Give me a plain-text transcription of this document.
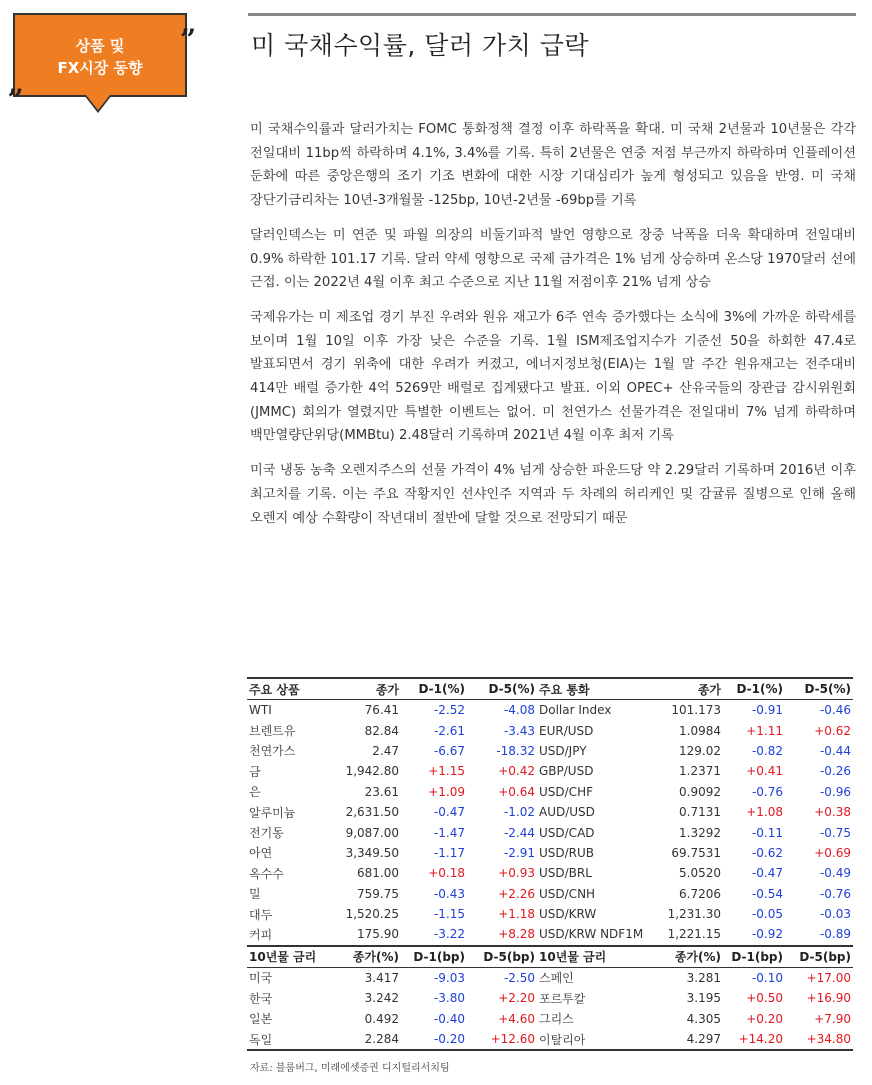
상품 및
FX시장 동향
”
„
미 국채수익률, 달러 가치 급락

미 국채수익률과 달러가치는 FOMC 통화정책 결정 이후 하락폭을 확대. 미 국채 2년물과 10년물은 각각 전일대비 11bp씩 하락하며 4.1%, 3.4%를 기록. 특히 2년물은 연중 저점 부근까지 하락하며 인플레이션 둔화에 따른 중앙은행의 조기 기조 변화에 대한 시장 기대심리가 높게 형성되고 있음을 반영. 미 국채 장단기금리차는 10년-3개월물 -125bp, 10년-2년물 -69bp를 기록

달러인덱스는 미 연준 및 파월 의장의 비둘기파적 발언 영향으로 장중 낙폭을 더욱 확대하며 전일대비 0.9% 하락한 101.17 기록. 달러 약세 영향으로 국제 금가격은 1% 넘게 상승하며 온스당 1970달러 선에 근접. 이는 2022년 4월 이후 최고 수준으로 지난 11월 저점이후 21% 넘게 상승

국제유가는 미 제조업 경기 부진 우려와 원유 재고가 6주 연속 증가했다는 소식에 3%에 가까운 하락세를 보이며 1월 10일 이후 가장 낮은 수준을 기록. 1월 ISM제조업지수가 기준선 50을 하회한 47.4로 발표되면서 경기 위축에 대한 우려가 커졌고, 에너지정보청(EIA)는 1월 말 주간 원유재고는 전주대비 414만 배럴 증가한 4억 5269만 배럴로 집계됐다고 발표. 이외 OPEC+ 산유국들의 장관급 감시위원회(JMMC) 회의가 열렸지만 특별한 이벤트는 없어. 미 천연가스 선물가격은 전일대비 7% 넘게 하락하며 백만열량단위당(MMBtu) 2.48달러 기록하며 2021년 4월 이후 최저 기록

미국 냉동 농축 오렌지주스의 선물 가격이 4% 넘게 상승한 파운드당 약 2.29달러 기록하며 2016년 이후 최고치를 기록. 이는 주요 작황지인 선샤인주 지역과 두 차례의 허리케인 및 감귤류 질병으로 인해 올해 오렌지 예상 수확량이 작년대비 절반에 달할 것으로 전망되기 때문

주요 상품	종가	D-1(%)	D-5(%)	주요 통화	종가	D-1(%)	D-5(%)
WTI	76.41	-2.52	-4.08	Dollar Index	101.173	-0.91	-0.46
브렌트유	82.84	-2.61	-3.43	EUR/USD	1.0984	+1.11	+0.62
천연가스	2.47	-6.67	-18.32	USD/JPY	129.02	-0.82	-0.44
금	1,942.80	+1.15	+0.42	GBP/USD	1.2371	+0.41	-0.26
은	23.61	+1.09	+0.64	USD/CHF	0.9092	-0.76	-0.96
알루미늄	2,631.50	-0.47	-1.02	AUD/USD	0.7131	+1.08	+0.38
전기동	9,087.00	-1.47	-2.44	USD/CAD	1.3292	-0.11	-0.75
아연	3,349.50	-1.17	-2.91	USD/RUB	69.7531	-0.62	+0.69
옥수수	681.00	+0.18	+0.93	USD/BRL	5.0520	-0.47	-0.49
밀	759.75	-0.43	+2.26	USD/CNH	6.7206	-0.54	-0.76
대두	1,520.25	-1.15	+1.18	USD/KRW	1,231.30	-0.05	-0.03
커피	175.90	-3.22	+8.28	USD/KRW NDF1M	1,221.15	-0.92	-0.89
10년물 금리	종가(%)	D-1(bp)	D-5(bp)	10년물 금리	종가(%)	D-1(bp)	D-5(bp)
미국	3.417	-9.03	-2.50	스페인	3.281	-0.10	+17.00
한국	3.242	-3.80	+2.20	포르투칼	3.195	+0.50	+16.90
일본	0.492	-0.40	+4.60	그리스	4.305	+0.20	+7.90
독일	2.284	-0.20	+12.60	이탈리아	4.297	+14.20	+34.80
자료: 블룸버그, 미래에셋증권 디지털리서치팀
